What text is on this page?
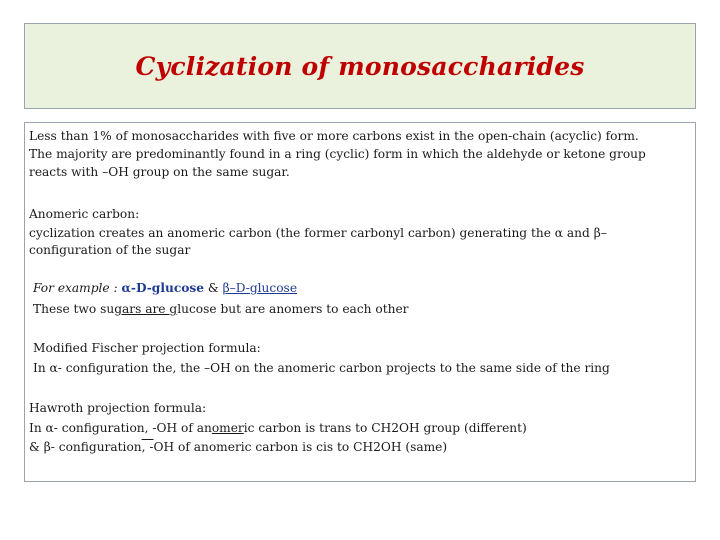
Cyclization of monosaccharides
Less than 1% of monosaccharides with five or more carbons exist in the open-chain (acyclic) form.
The majority are predominantly found in a ring (cyclic) form in which the aldehyde or ketone group
reacts with –OH group on the same sugar.
Anomeric carbon:
cyclization creates an anomeric carbon (the former carbonyl carbon) generating the α and β–
configuration of the sugar
For example : α-D-glucose & β–D-glucose
These two sugars are glucose but are anomers to each other
Modified Fischer projection formula:
In α- configuration the, the –OH on the anomeric carbon projects to the same side of the ring
Hawroth projection formula:
In α- configuration, -OH of anomeric carbon is trans to CH2OH group (different)
& β- configuration, -OH of anomeric carbon is cis to CH2OH (same)
